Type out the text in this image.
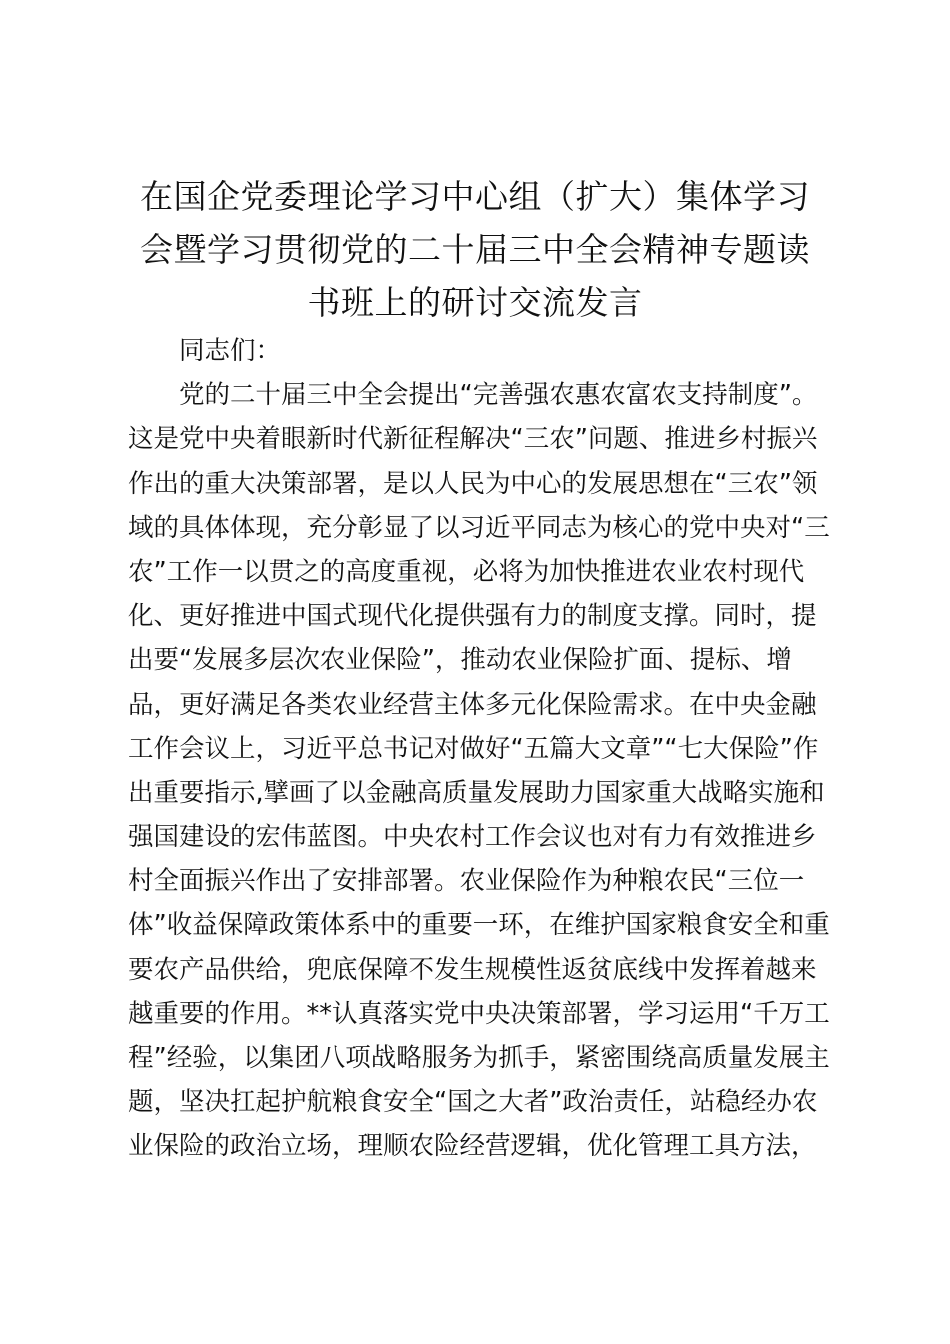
在国企党委理论学习中心组（扩大）集体学习
会暨学习贯彻党的二十届三中全会精神专题读
书班上的研讨交流发言
同志们：
党的二十届三中全会提出“完善强农惠农富农支持制度”。
这是党中央着眼新时代新征程解决“三农”问题、推进乡村振兴
作出的重大决策部署，是以人民为中心的发展思想在“三农”领
域的具体体现，充分彰显了以习近平同志为核心的党中央对“三
农”工作一以贯之的高度重视，必将为加快推进农业农村现代
化、更好推进中国式现代化提供强有力的制度支撑。同时，提
出要“发展多层次农业保险”，推动农业保险扩面、提标、增
品，更好满足各类农业经营主体多元化保险需求。在中央金融
工作会议上，习近平总书记对做好“五篇大文章”“七大保险”作
出重要指示,擘画了以金融高质量发展助力国家重大战略实施和
强国建设的宏伟蓝图。中央农村工作会议也对有力有效推进乡
村全面振兴作出了安排部署。农业保险作为种粮农民“三位一
体”收益保障政策体系中的重要一环，在维护国家粮食安全和重
要农产品供给，兜底保障不发生规模性返贫底线中发挥着越来
越重要的作用。**认真落实党中央决策部署，学习运用“千万工
程”经验，以集团八项战略服务为抓手，紧密围绕高质量发展主
题，坚决扛起护航粮食安全“国之大者”政治责任，站稳经办农
业保险的政治立场，理顺农险经营逻辑，优化管理工具方法，
